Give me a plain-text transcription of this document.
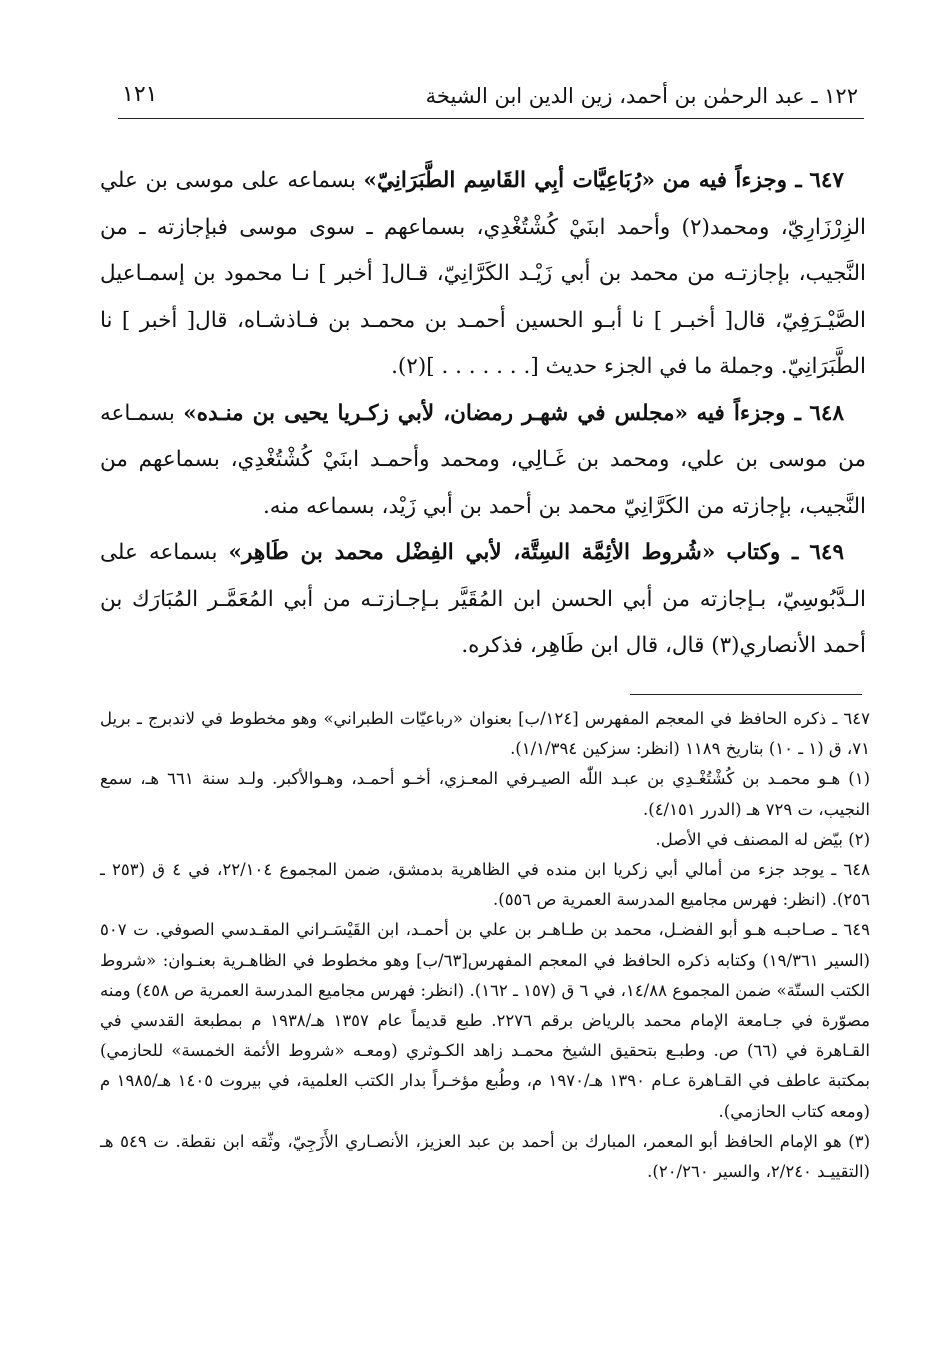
١٢٢ ـ عبد الرحمٰن بن أحمد، زين الدين ابن الشيخة
١٢١

٦٤٧ ـ وجزءاً فيه من «رُبَاعِيَّات أبِي القَاسِم الطَّبَرَانِيّ» بسماعه على موسى بن علي الزِرْزَارِيّ، ومحمد(٢) وأحمد ابنَيْ كُشْتُغْدِي، بسماعهم ـ سوى موسى فبإجازته ـ من النَّجيب، بإجازتـه من محمد بن أبي زَيْـد الكَرَّانِيّ، قـال[ أخبر ] نـا محمود بن إسمـاعيل الصَّيْـرَفِيّ، قال[ أخبـر ] نا أبـو الحسين أحمـد بن محمـد بن فـاذشـاه، قال[ أخبر ] نا الطَّبَرَانِيّ. وجملة ما في الجزء حديث [. . . . . . . ](٢).

٦٤٨ ـ وجزءاً فيه «مجلس في شهـر رمضان، لأبي زكـريا يحيى بن منـده» بسمـاعه من موسى بن علي، ومحمد بن غَـالِي، ومحمد وأحمـد ابنَيْ كُشْتُغْدِي، بسماعهم من النَّجيب، بإجازته من الكَرَّانِيّ محمد بن أحمد بن أبي زَيْد، بسماعه منه.

٦٤٩ ـ وكتاب «شُروط الأئِمَّة السِتَّة، لأبي الفِضْل محمد بن طَاهِر» بسماعه على الـدَّبُوسِيّ، بـإجازته من أبي الحسن ابن المُقَيَّر بـإجـازتـه من أبي المُعَمَّـر المُبَارَك بن أحمد الأنصاري(٣) قال، قال ابن طَاهِر، فذكره.

٦٤٧ ـ ذكره الحافظ في المعجم المفهرس [١٢٤/ب] بعنوان «رباعيّات الطبراني» وهو مخطوط في لاندبرج ـ بريل ٧١، ق (١ ـ ١٠) بتاريخ ١١٨٩ (انظر: سزكين ١/١/٣٩٤).

(١) هـو محمـد بن كُشْتُغْـدِي بن عبـد اللّٰه الصيـرفي المعـزي، أخـو أحمـد، وهـوالأكبر. ولـد سنة ٦٦١ هـ، سمع النجيب، ت ٧٢٩ هـ (الدرر ٤/١٥١).

(٢) بيّض له المصنف في الأصل.

٦٤٨ ـ يوجد جزء من أمالي أبي زكريا ابن منده في الظاهرية بدمشق، ضمن المجموع ٢٢/١٠٤، في ٤ ق (٢٥٣ ـ ٢٥٦). (انظر: فهرس مجاميع المدرسة العمرية ص ٥٥٦).

٦٤٩ ـ صـاحبـه هـو أبو الفضـل، محمد بن طـاهـر بن علي بن أحمـد، ابن القَيْسَـراني المقـدسي الصوفي. ت ٥٠٧ (السير ١٩/٣٦١) وكتابه ذكره الحافظ في المعجم المفهرس[٦٣/ب] وهو مخطوط في الظاهـرية بعنـوان: «شروط الكتب الستّة» ضمن المجموع ١٤/٨٨، في ٦ ق (١٥٧ ـ ١٦٢). (انظر: فهرس مجاميع المدرسة العمرية ص ٤٥٨) ومنه مصوّرة في جـامعة الإمام محمد بالرياض برقم ٢٢٧٦. طبع قديماً عام ١٣٥٧ هـ/١٩٣٨ م بمطبعة القدسي في القـاهرة في (٦٦) ص. وطبـع بتحقيق الشيخ محمـد زاهد الكـوثري (ومعـه «شروط الأئمة الخمسة» للحازمي) بمكتبة عاطف في القـاهرة عـام ١٣٩٠ هـ/١٩٧٠ م، وطُبع مؤخـراً بدار الكتب العلمية، في بيروت ١٤٠٥ هـ/١٩٨٥ م (ومعه كتاب الحازمي).

(٣) هو الإمام الحافظ أبو المعمر، المبارك بن أحمد بن عبد العزيز، الأنصـاري الأَزَجِيّ، وثّقه ابن نقطة. ت ٥٤٩ هـ (التقييـد ٢/٢٤٠، والسير ٢٠/٢٦٠).
